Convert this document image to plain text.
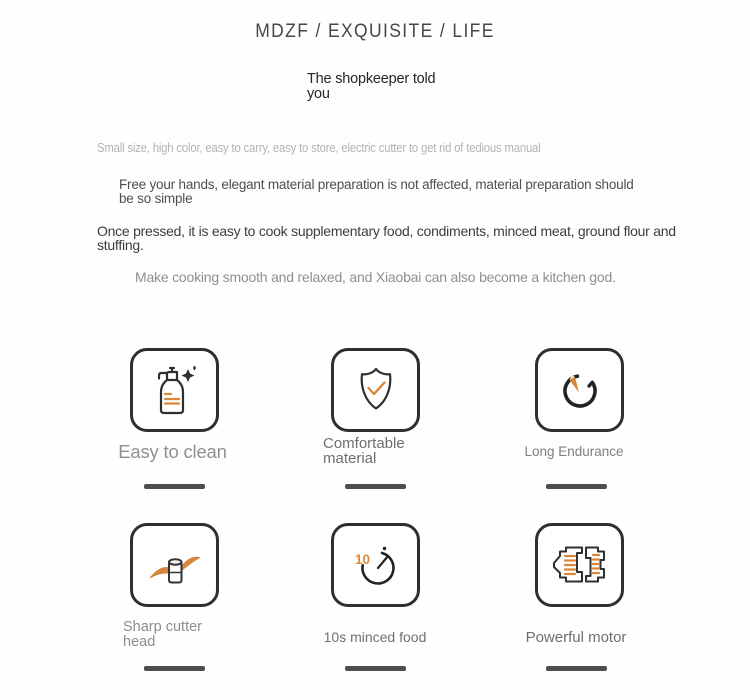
MDZF / EXQUISITE / LIFE
The shopkeeper told you
Small size, high color, easy to carry, easy to store, electric cutter to get rid of tedious manual
Free your hands, elegant material preparation is not affected, material preparation should be so simple
Once pressed, it is easy to cook supplementary food, condiments, minced meat, ground flour and stuffing.
Make cooking smooth and relaxed, and Xiaobai can also become a kitchen god.
Easy to clean	Comfortable material	Long Endurance
10
Sharp cutter head	10s minced food	Powerful motor
